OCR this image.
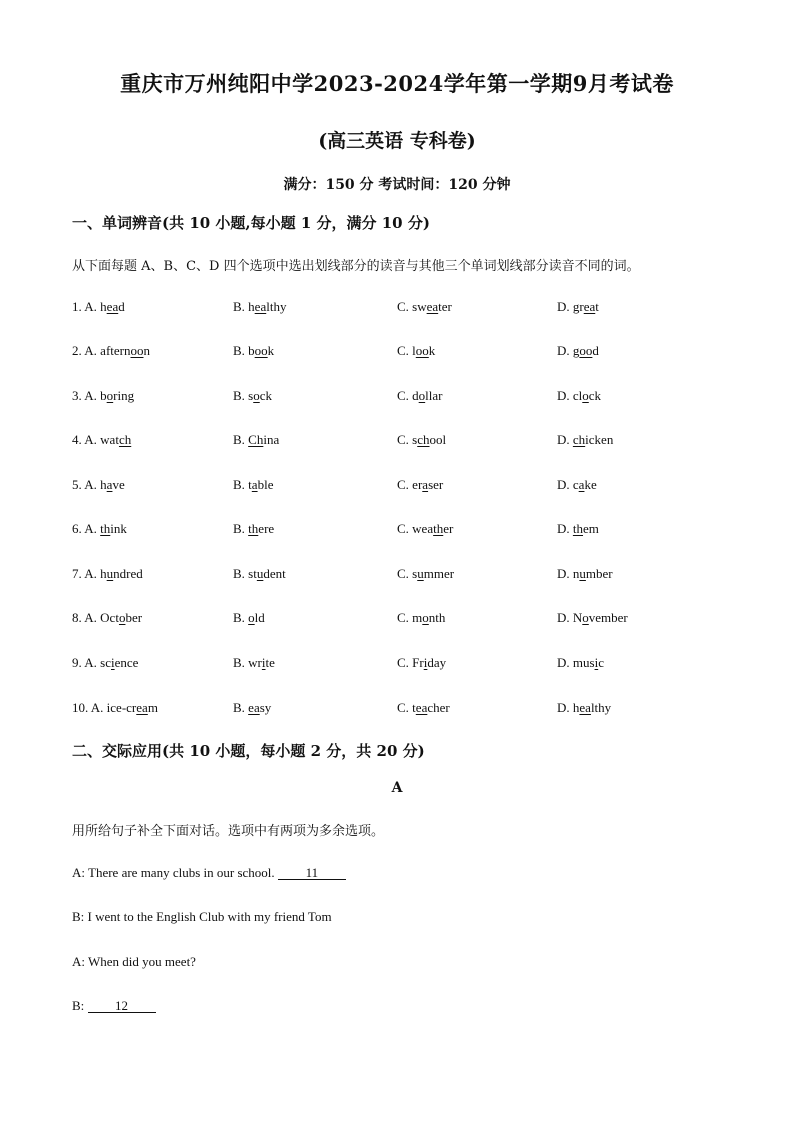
重庆市万州纯阳中学2023-2024学年第一学期9月考试卷
(高三英语 专科卷)
满分：150 分 考试时间：120 分钟
一、单词辨音(共 10 小题,每小题 1 分，满分 10 分)
从下面每题 A、B、C、D 四个选项中选出划线部分的读音与其他三个单词划线部分读音不同的词。
1. A. head	B. healthy	C. sweater	D. great
2. A. afternoon	B. book	C. look	D. good
3. A. boring	B. sock	C. dollar	D. clock
4. A. watch	B. China	C. school	D. chicken
5. A. have	B. table	C. eraser	D. cake
6. A. think	B. there	C. weather	D. them
7. A. hundred	B. student	C. summer	D. number
8. A. October	B. old	C. month	D. November
9. A. science	B. write	C. Friday	D. music
10. A. ice-cream	B. easy	C. teacher	D. healthy
二、交际应用(共 10 小题，每小题 2 分，共 20 分)
A
用所给句子补全下面对话。选项中有两项为多余选项。
A: There are many clubs in our school. 11
B: I went to the English Club with my friend Tom
A: When did you meet?
B: 12
